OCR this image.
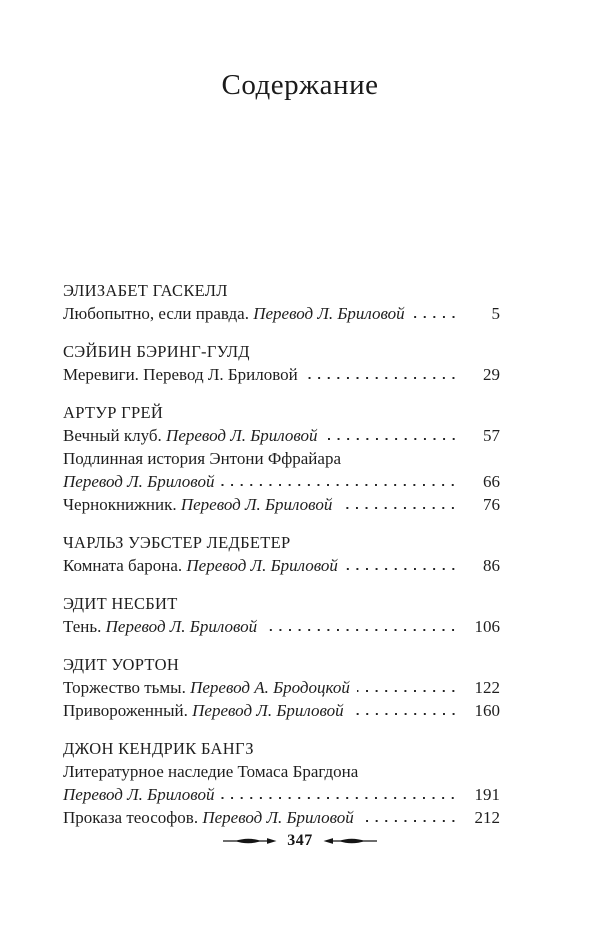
Содержание
ЭЛИЗАБЕТ ГАСКЕЛЛ
Любопытно, если правда. Перевод Л. Бриловой	5
СЭЙБИН БЭРИНГ-ГУЛД
Меревиги. Перевод Л. Бриловой	29
АРТУР ГРЕЙ
Вечный клуб. Перевод Л. Бриловой	57
Подлинная история Энтони Ффрайара
Перевод Л. Бриловой	66
Чернокнижник. Перевод Л. Бриловой	76
ЧАРЛЬЗ УЭБСТЕР ЛЕДБЕТЕР
Комната барона. Перевод Л. Бриловой	86
ЭДИТ НЕСБИТ
Тень. Перевод Л. Бриловой	106
ЭДИТ УОРТОН
Торжество тьмы. Перевод А. Бродоцкой	122
Привороженный. Перевод Л. Бриловой	160
ДЖОН КЕНДРИК БАНГЗ
Литературное наследие Томаса Брагдона
Перевод Л. Бриловой	191
Проказа теософов. Перевод Л. Бриловой	212
347
